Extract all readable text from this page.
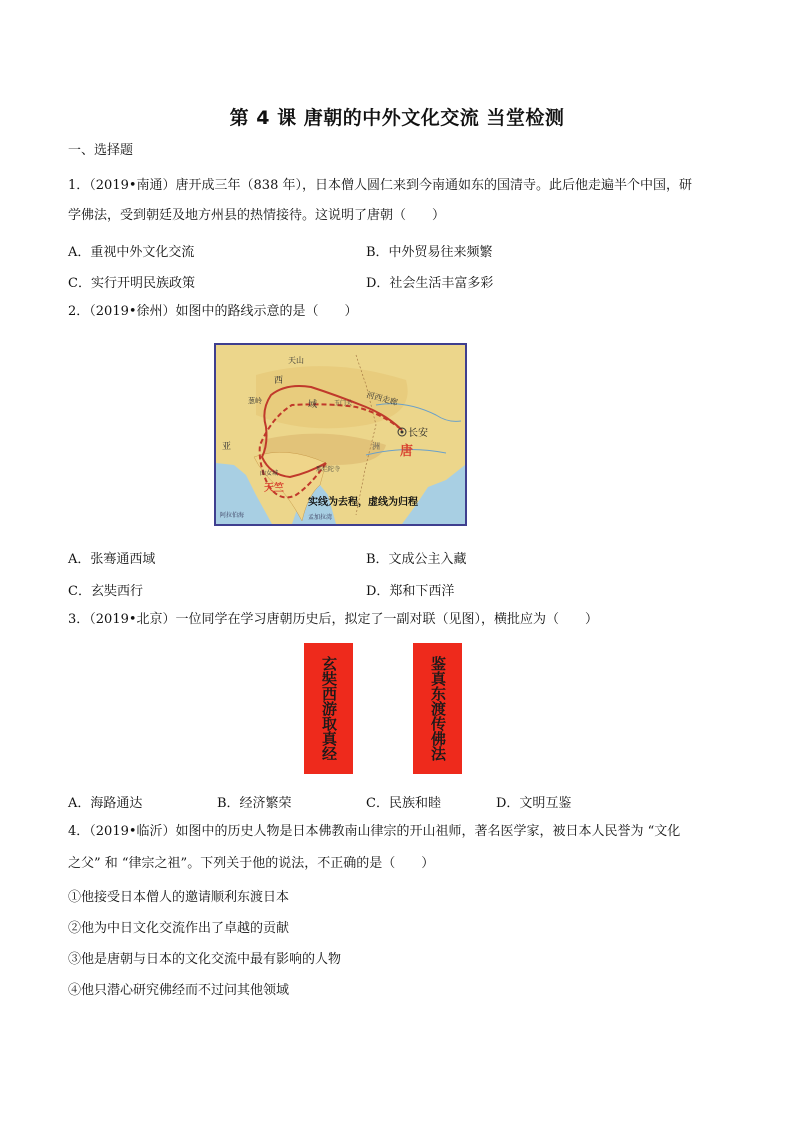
第 4 课 唐朝的中外文化交流 当堂检测
一、选择题
1．（2019•南通）唐开成三年（838 年），日本僧人圆仁来到今南通如东的国清寺。此后他走遍半个中国，研
学佛法，受到朝廷及地方州县的热情接待。这说明了唐朝（　　）
A．重视中外文化交流	B．中外贸易往来频繁
C．实行开明民族政策	D．社会生活丰富多彩
2．（2019•徐州）如图中的路线示意的是（　　）
天山
西
域
葱岭	玉门关 河西走廊
长安
唐
洲
曲女城
那烂陀寺
天竺
亚
阿拉伯海	孟加拉湾
实线为去程，虚线为归程
A．张骞通西域	B．文成公主入藏
C．玄奘西行	D．郑和下西洋
3．（2019•北京）一位同学在学习唐朝历史后，拟定了一副对联（见图），横批应为（　　）
玄奘西游取真经	鉴真东渡传佛法
A．海路通达	B．经济繁荣	C．民族和睦	D．文明互鉴
4．（2019•临沂）如图中的历史人物是日本佛教南山律宗的开山祖师，著名医学家，被日本人民誉为 “文化
之父” 和 “律宗之祖”。下列关于他的说法，不正确的是（　　）
①他接受日本僧人的邀请顺利东渡日本
②他为中日文化交流作出了卓越的贡献
③他是唐朝与日本的文化交流中最有影响的人物
④他只潜心研究佛经而不过问其他领域
